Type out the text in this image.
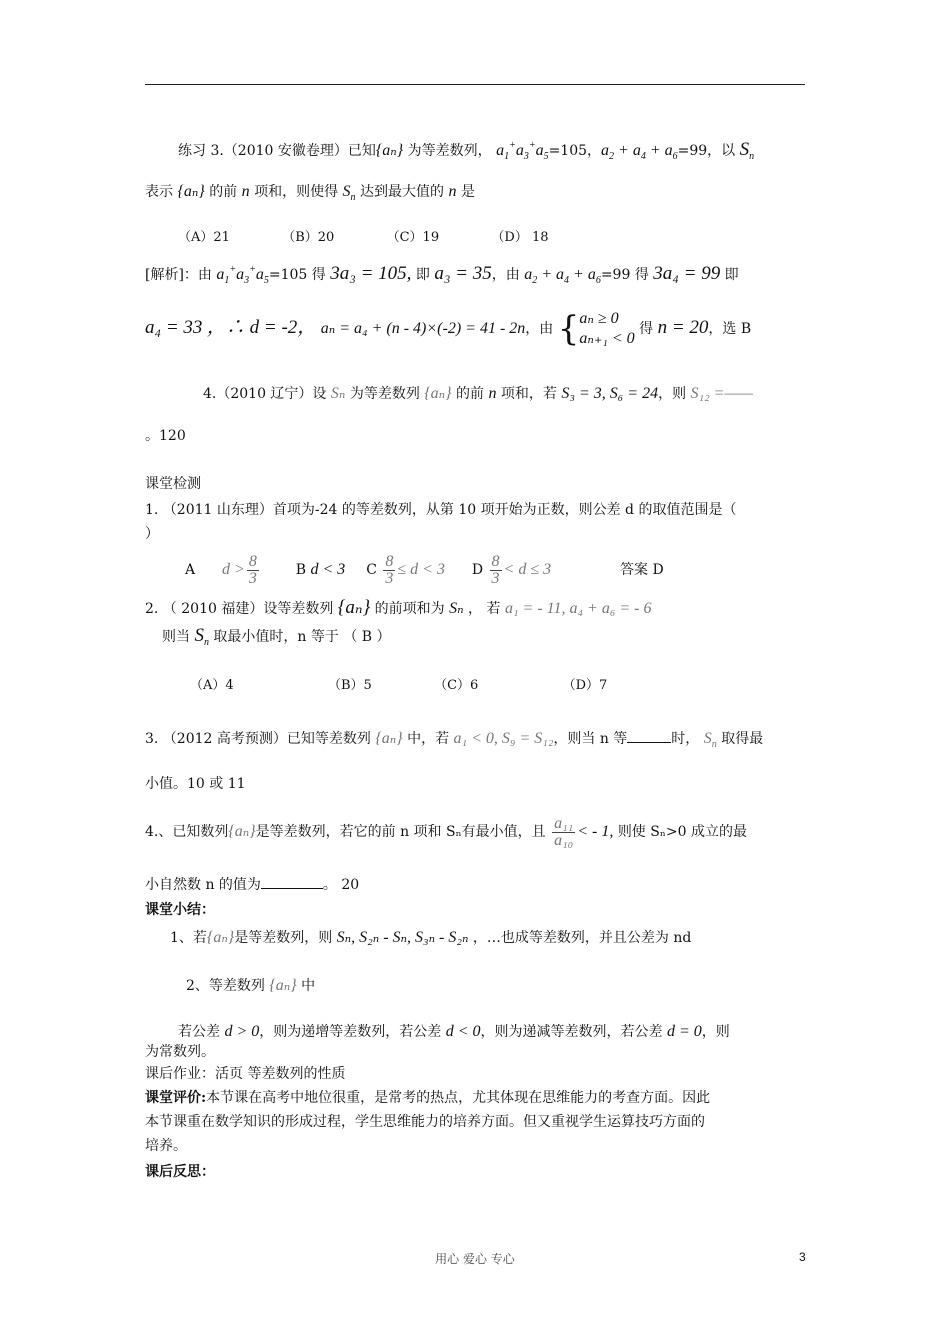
练习 3.（2010 安徽卷理）已知{aₙ} 为等差数列， $a_1^+a_3^+a_5=105$，$a_2 + a_4 + a_6=99$，以 $S_n$
表示 {aₙ} 的前 n 项和，则使得 $S_n$ 达到最大值的 n 是
（A）21	（B）20	（C）19	（D） 18
[解析]：由 $a_1^+a_3^+a_5=105$ 得 3a₃ = 105, 即 a₃ = 35，由 $a_2 + a_4 + a_6=99$ 得 3a₄ = 99 即
a₄ = 33 ，∴ d = -2， aₙ = a₄ + (n - 4)×(-2) = 41 - 2n，由 { aₙ ≥ 0
aₙ₊₁ < 0
得 n = 20，选 B
4.（2010 辽宁）设 Sₙ 为等差数列 {aₙ} 的前 n 项和，若 S₃ = 3, S₆ = 24，则 S₁₂ =——
。120
课堂检测
1. （2011 山东理）首项为-24 的等差数列，从第 10 项开始为正数，则公差 d 的取值范围是（
）
A $d > \frac{8}{3}$	B d < 3 C $\frac{8}{3} \le d < 3$ D $\frac{8}{3} < d \le 3$	答案 D
2. （ 2010 福建）设等差数列 {aₙ} 的前项和为 Sₙ ， 若 a₁ = - 11, a₄ + a₆ = - 6
则当 $S_n$ 取最小值时，n 等于 （ B ）
（A）4	（B）5	（C）6	（D）7
3. （2012 高考预测）已知等差数列 {aₙ} 中，若 a₁ < 0, S₉ = S₁₂，则当 n 等	时， $S_n$ 取得最
小值。10 或 11
4.、已知数列{aₙ}是等差数列，若它的前 n 项和 Sₙ有最小值，且 $\frac{\text{a₁₁}}{\text{a₁₀}}$ < - 1, 则使 Sₙ>0 成立的最
小自然数 n 的值为	。 20
课堂小结：
1、若{aₙ}是等差数列，则 Sₙ, S₂ₙ - Sₙ, S₃ₙ - S₂ₙ ，…也成等差数列，并且公差为 nd
2、等差数列 {aₙ} 中
若公差 d > 0，则为递增等差数列，若公差 d < 0，则为递减等差数列，若公差 d = 0，则
为常数列。
课后作业：活页 等差数列的性质
课堂评价:本节课在高考中地位很重，是常考的热点，尤其体现在思维能力的考查方面。因此
本节课重在数学知识的形成过程，学生思维能力的培养方面。但又重视学生运算技巧方面的
培养。
课后反思：
用心 爱心 专心	3
